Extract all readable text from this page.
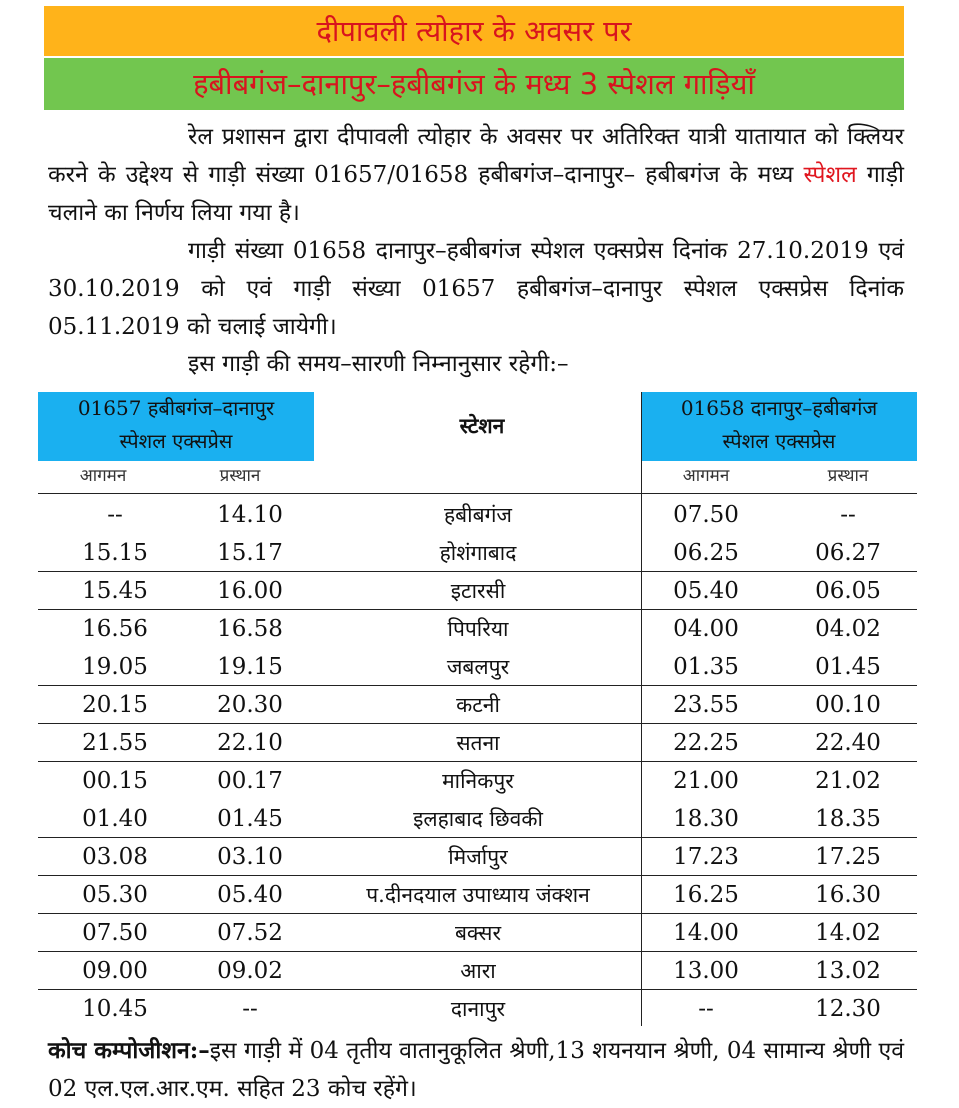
दीपावली त्योहार के अवसर पर
हबीबगंज–दानापुर–हबीबगंज के मध्य 3 स्पेशल गाड़ियाँ

रेल प्रशासन द्वारा दीपावली त्योहार के अवसर पर अतिरिक्त यात्री यातायात को क्लियर करने के उद्देश्य से गाड़ी संख्या 01657/01658 हबीबगंज–दानापुर– हबीबगंज के मध्य स्पेशल गाड़ी चलाने का निर्णय लिया गया है।

गाड़ी संख्या 01658 दानापुर–हबीबगंज स्पेशल एक्सप्रेस दिनांक 27.10.2019 एवं 30.10.2019 को एवं गाड़ी संख्या 01657 हबीबगंज–दानापुर स्पेशल एक्सप्रेस दिनांक 05.11.2019 को चलाई जायेगी।

इस गाड़ी की समय–सारणी निम्नानुसार रहेगी:–
01657 हबीबगंज–दानापुर
स्पेशल एक्सप्रेस
स्टेशन
01658 दानापुर–हबीबगंज
स्पेशल एक्सप्रेस
आगमन	प्रस्थान	आगमन	प्रस्थान
--	14.10	हबीबगंज	07.50	--
15.15	15.17	होशंगाबाद	06.25	06.27
15.45	16.00	इटारसी	05.40	06.05
16.56	16.58	पिपरिया	04.00	04.02
19.05	19.15	जबलपुर	01.35	01.45
20.15	20.30	कटनी	23.55	00.10
21.55	22.10	सतना	22.25	22.40
00.15	00.17	मानिकपुर	21.00	21.02
01.40	01.45	इलहाबाद छिवकी	18.30	18.35
03.08	03.10	मिर्जापुर	17.23	17.25
05.30	05.40	प.दीनदयाल उपाध्याय जंक्शन	16.25	16.30
07.50	07.52	बक्सर	14.00	14.02
09.00	09.02	आरा	13.00	13.02
10.45	--	दानापुर	--	12.30
कोच कम्पोजीशन:–इस गाड़ी में 04 तृतीय वातानुकूलित श्रेणी,13 शयनयान श्रेणी, 04 सामान्य श्रेणी एवं 02 एल.एल.आर.एम. सहित 23 कोच रहेंगे।
